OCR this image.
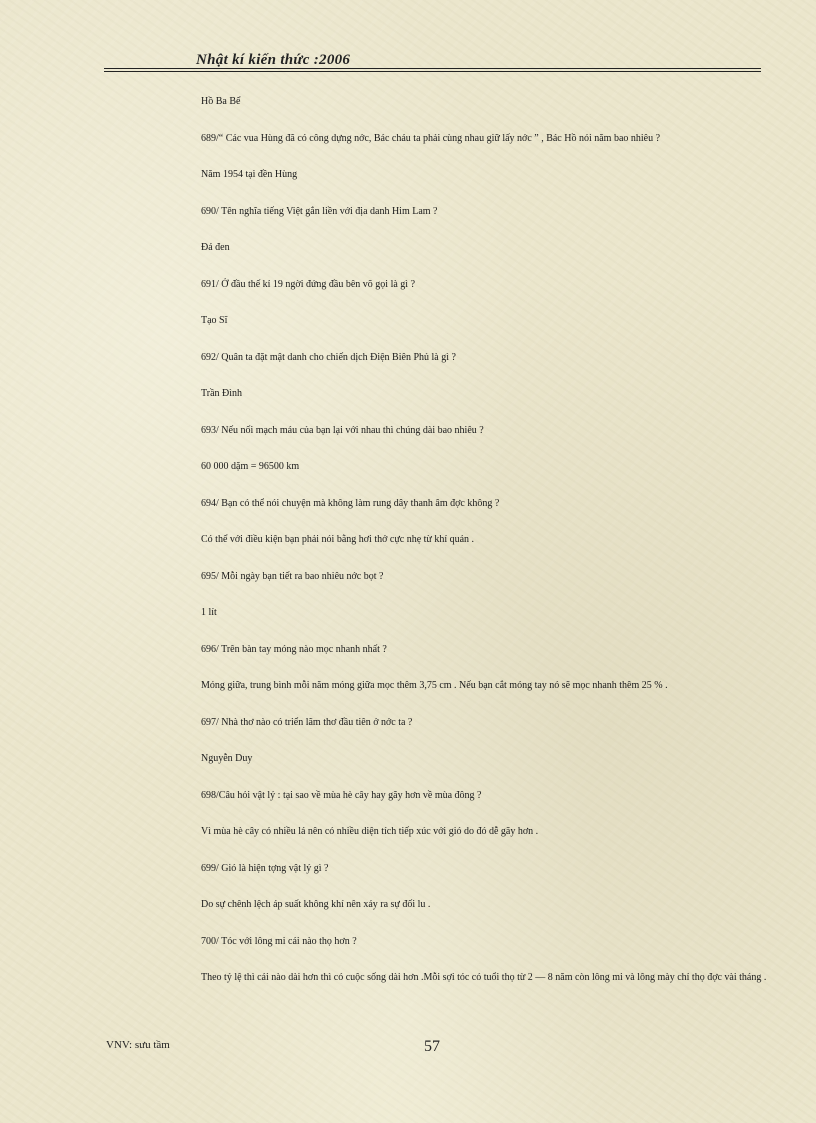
Nhật kí kiến thức :2006
Hồ Ba Bể
689/“ Các vua Hùng đã có công dựng nớc, Bác cháu ta phải cùng nhau giữ lấy nớc ” , Bác Hồ nói năm bao nhiêu ?
Năm 1954 tại đền Hùng
690/ Tên nghĩa tiếng Việt gắn liền với địa danh Him Lam ?
Đá đen
691/ Ở đầu thế kỉ 19 ngời đứng đầu bên võ gọi là gì ?
Tạo Sĩ
692/ Quân ta đặt mật danh cho chiến dịch Điện Biên Phủ là gì ?
Trần Đình
693/ Nếu nối mạch máu của bạn lại với nhau thì chúng dài bao nhiêu ?
60 000 dặm = 96500 km
694/ Bạn có thể nói chuyện mà không làm rung dây thanh âm đợc không ?
Có thể với điều kiện bạn phải nói bằng hơi thở cực nhẹ từ khí quản .
695/ Mỗi ngày bạn tiết ra bao nhiêu nớc bọt ?
1 lít
696/ Trên bàn tay móng nào mọc nhanh nhất ?
Móng giữa, trung bình mỗi năm móng giữa mọc thêm 3,75 cm . Nếu bạn cắt móng tay nó sẽ mọc nhanh thêm 25 % .
697/ Nhà thơ nào có triển lãm thơ đầu tiên ở nớc ta ?
Nguyễn Duy
698/Câu hỏi vật lý : tại sao về mùa hè cây hay gãy hơn về mùa đông ?
Vì mùa hè cây có nhiều lá nên có nhiều diện tích tiếp xúc với gió do đó dễ gãy hơn .
699/ Gió là hiện tợng vật lý gì ?
Do sự chênh lệch áp suất không khí nên xảy ra sự đối lu .
700/ Tóc với lông mi cái nào thọ hơn ?
Theo tỷ lệ thì cái nào dài hơn thì có cuộc sống dài hơn .Mỗi sợi tóc có tuổi thọ từ 2 — 8 năm còn lông mi và lông mày chỉ thọ đợc vài tháng .
VNV: sưu tầm	57
